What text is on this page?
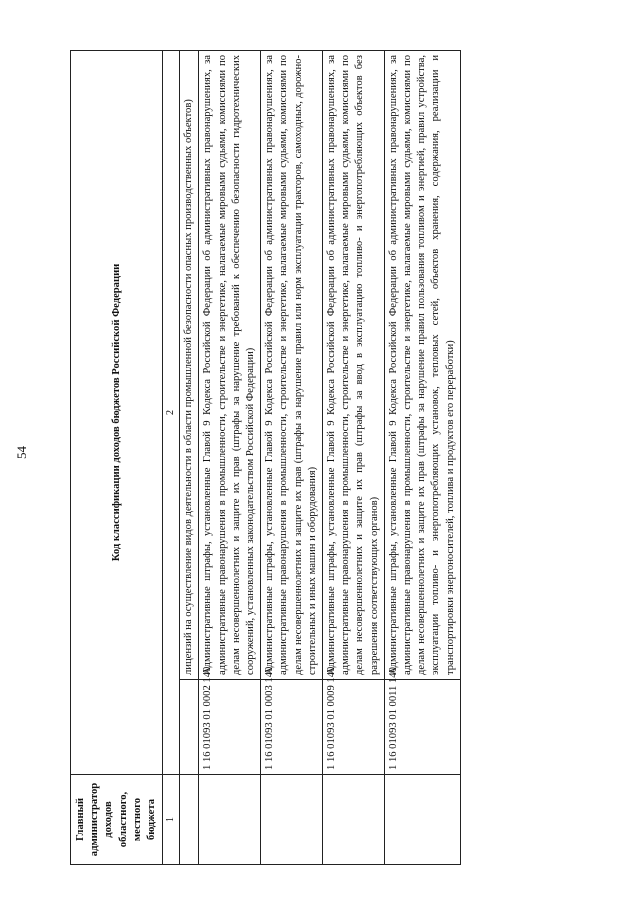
54
Главный администратор доходов областного, местного бюджета	Код классификации доходов бюджетов Российской Федерации	
1	2	
		лицензий на осуществление видов деятельности в области промышленной безопасности опасных производственных объектов)
	1 16 01093 01 0002 140	Административные штрафы, установленные Главой 9 Кодекса Российской Федерации об административных правонарушениях, за административные правонарушения в промышленности, строительстве и энергетике, налагаемые мировыми судьями, комиссиями по делам несовершеннолетних и защите их прав (штрафы за нарушение требований к обеспечению безопасности гидротехнических сооружений, установленных законодательством Российской Федерации)
	1 16 01093 01 0003 140	Административные штрафы, установленные Главой 9 Кодекса Российской Федерации об административных правонарушениях, за административные правонарушения в промышленности, строительстве и энергетике, налагаемые мировыми судьями, комиссиями по делам несовершеннолетних и защите их прав (штрафы за нарушение правил или норм эксплуатации тракторов, самоходных, дорожно-строительных и иных машин и оборудования)
	1 16 01093 01 0009 140	Административные штрафы, установленные Главой 9 Кодекса Российской Федерации об административных правонарушениях, за административные правонарушения в промышленности, строительстве и энергетике, налагаемые мировыми судьями, комиссиями по делам несовершеннолетних и защите их прав (штрафы за ввод в эксплуатацию топливо- и энергопотребляющих объектов без разрешения соответствующих органов)
	1 16 01093 01 0011 140	Административные штрафы, установленные Главой 9 Кодекса Российской Федерации об административных правонарушениях, за административные правонарушения в промышленности, строительстве и энергетике, налагаемые мировыми судьями, комиссиями по делам несовершеннолетних и защите их прав (штрафы за нарушение правил пользования топливом и энергией, правил устройства, эксплуатации топливо- и энергопотребляющих установок, тепловых сетей, объектов хранения, содержания, реализации и транспортировки энергоносителей, топлива и продуктов его переработки)
